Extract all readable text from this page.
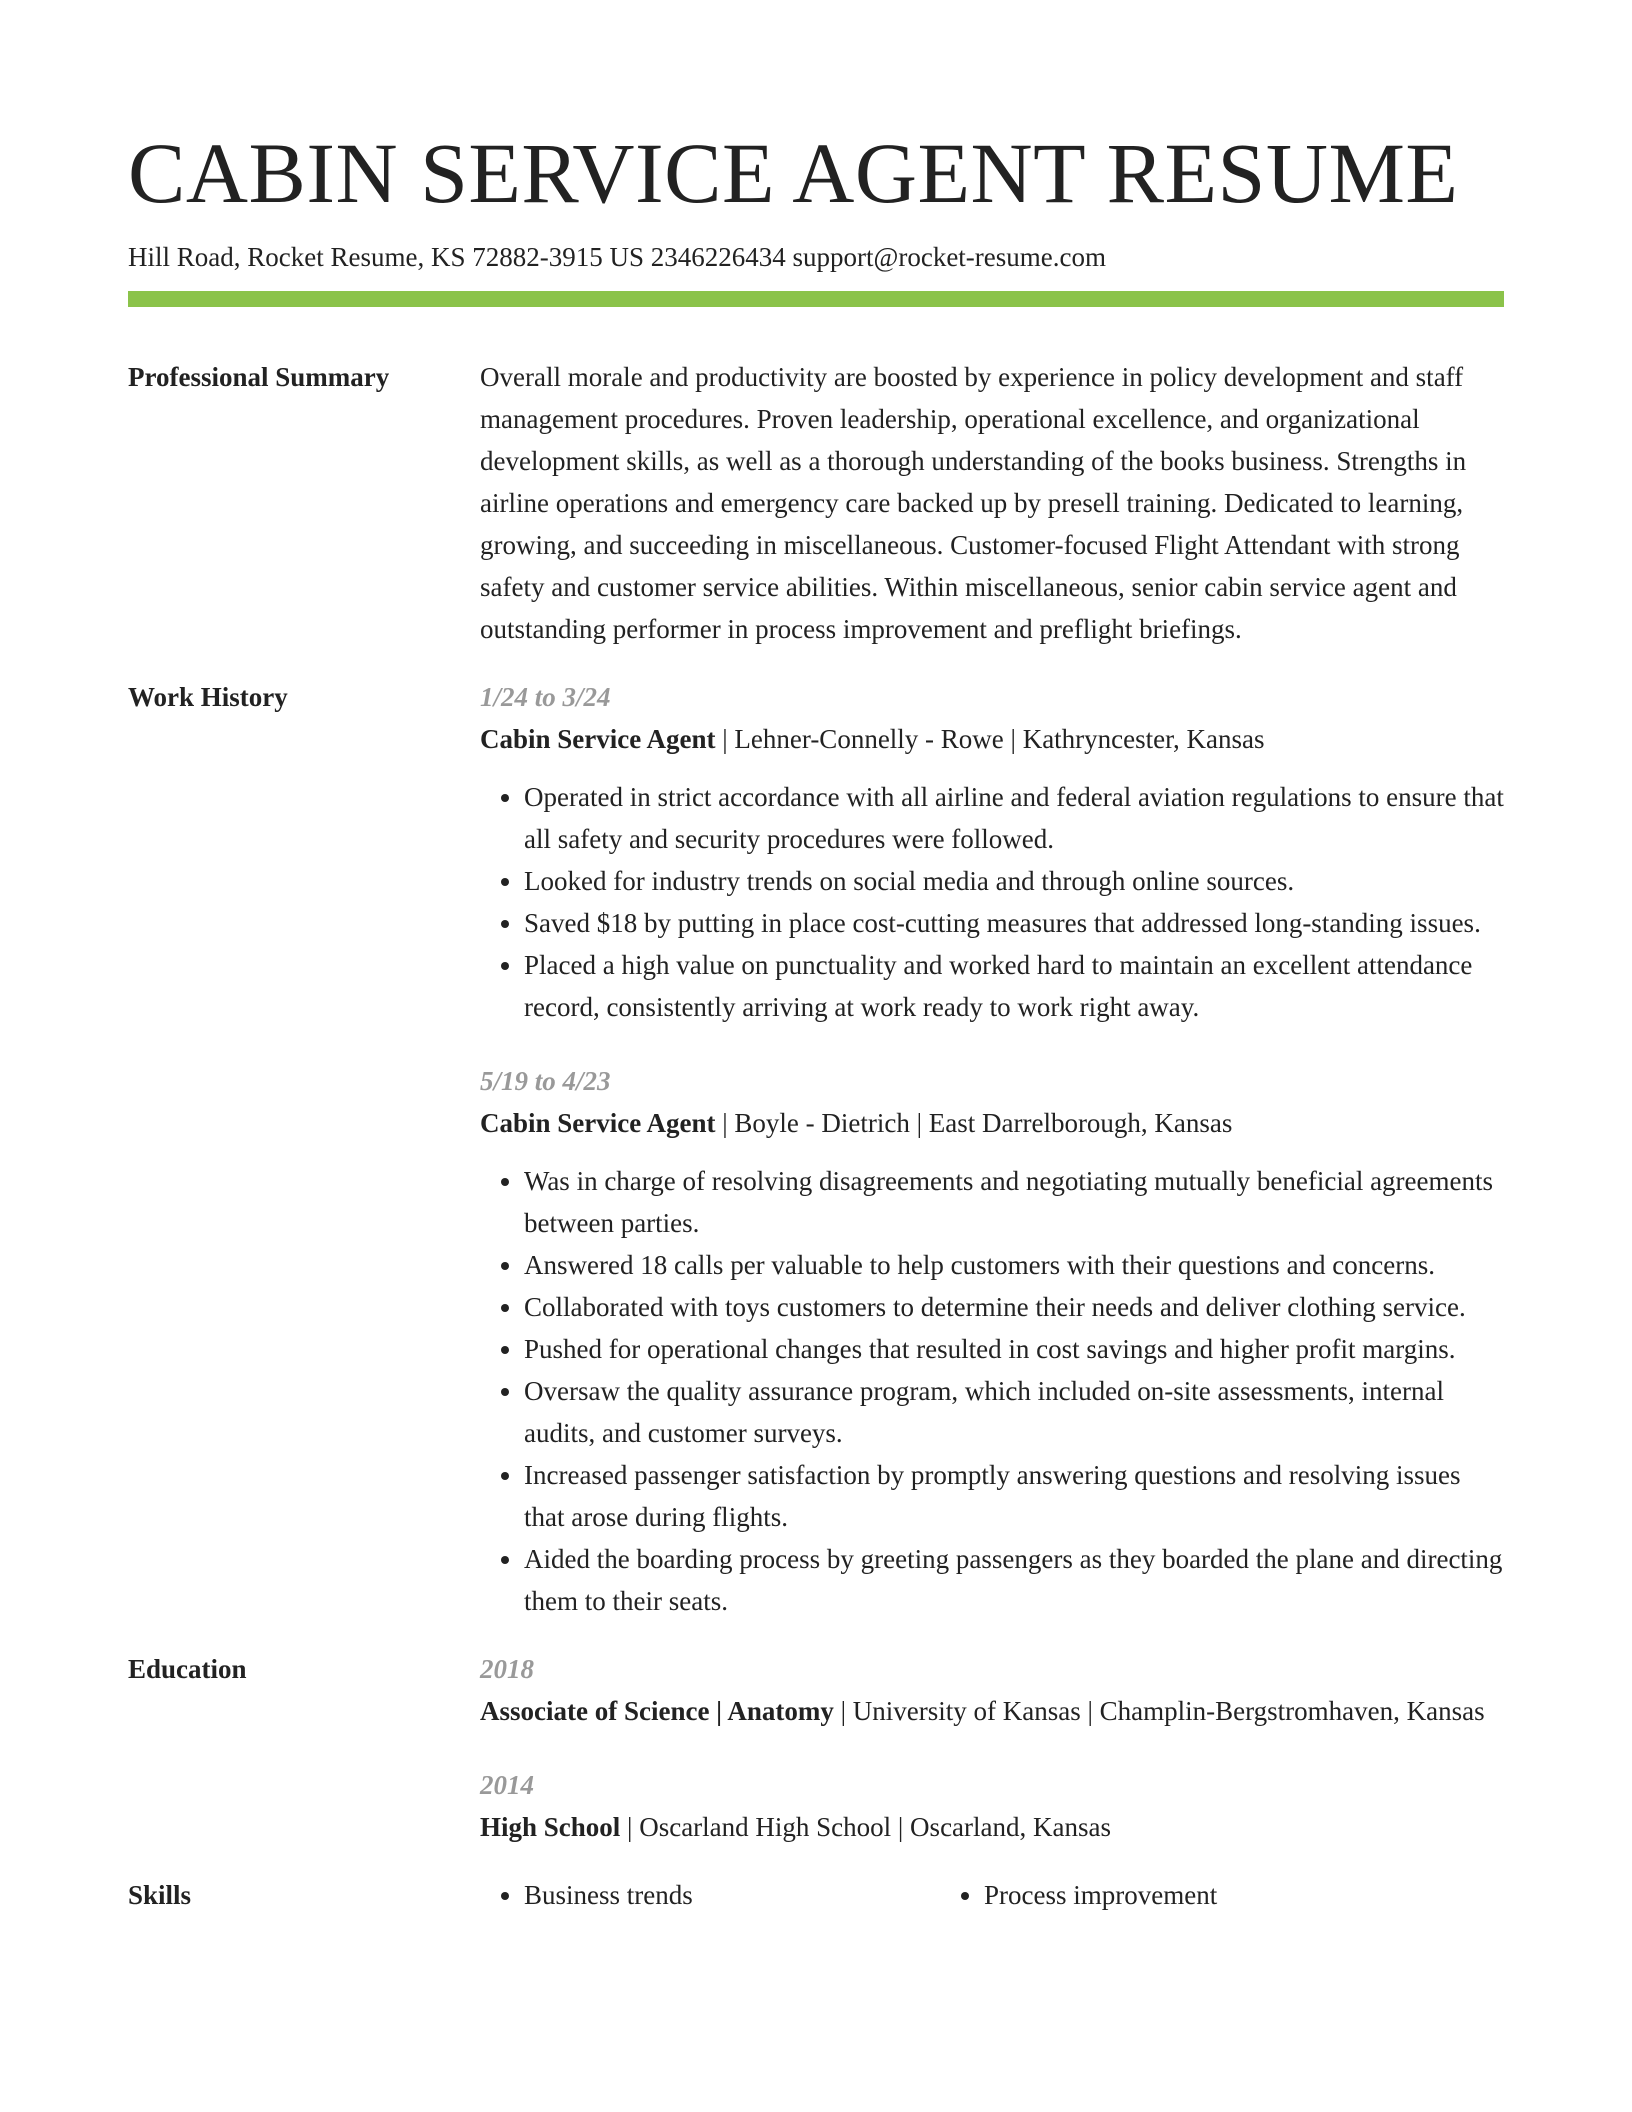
CABIN SERVICE AGENT RESUME
Hill Road, Rocket Resume, KS 72882-3915 US 2346226434 support@rocket-resume.com
Professional Summary	Overall morale and productivity are boosted by experience in policy development and staff management procedures. Proven leadership, operational excellence, and organizational development skills, as well as a thorough understanding of the books business. Strengths in airline operations and emergency care backed up by presell training. Dedicated to learning, growing, and succeeding in miscellaneous. Customer-focused Flight Attendant with strong safety and customer service abilities. Within miscellaneous, senior cabin service agent and outstanding performer in process improvement and preflight briefings.
Work History	1/24 to 3/24
Cabin Service Agent | Lehner-Connelly - Rowe | Kathryncester, Kansas
• Operated in strict accordance with all airline and federal aviation regulations to ensure that all safety and security procedures were followed.
• Looked for industry trends on social media and through online sources.
• Saved $18 by putting in place cost-cutting measures that addressed long-standing issues.
• Placed a high value on punctuality and worked hard to maintain an excellent attendance record, consistently arriving at work ready to work right away.
5/19 to 4/23
Cabin Service Agent | Boyle - Dietrich | East Darrelborough, Kansas
• Was in charge of resolving disagreements and negotiating mutually beneficial agreements between parties.
• Answered 18 calls per valuable to help customers with their questions and concerns.
• Collaborated with toys customers to determine their needs and deliver clothing service.
• Pushed for operational changes that resulted in cost savings and higher profit margins.
• Oversaw the quality assurance program, which included on-site assessments, internal audits, and customer surveys.
• Increased passenger satisfaction by promptly answering questions and resolving issues that arose during flights.
• Aided the boarding process by greeting passengers as they boarded the plane and directing them to their seats.
Education	2018
Associate of Science | Anatomy | University of Kansas | Champlin-Bergstromhaven, Kansas
2014
High School | Oscarland High School | Oscarland, Kansas
Skills	• Business trends	• Process improvement
